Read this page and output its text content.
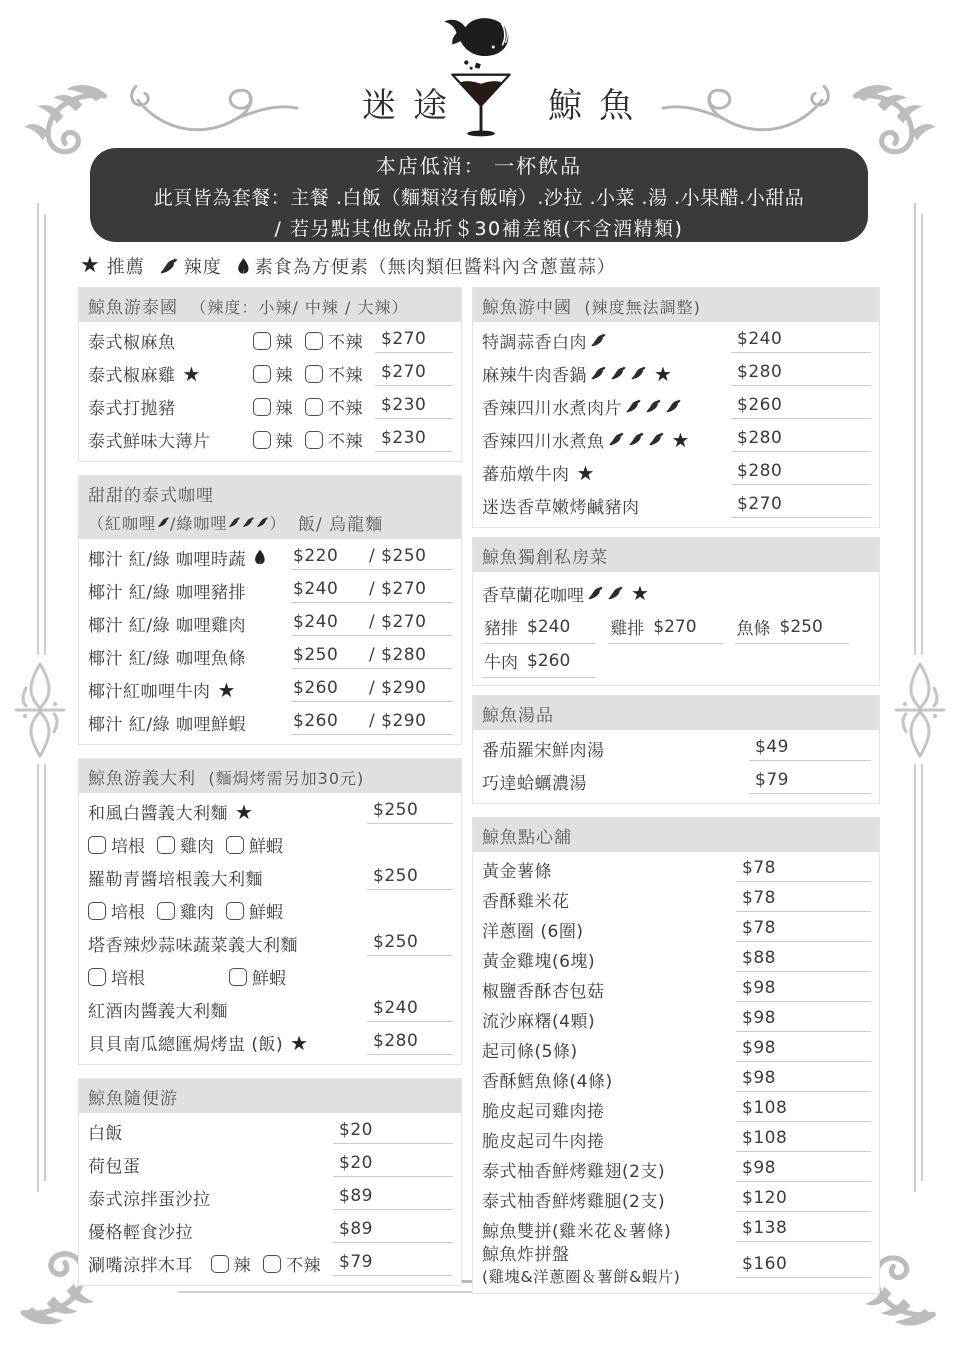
迷途 鯨魚
本店低消： 一杯飲品
此頁皆為套餐：主餐 .白飯（麵類沒有飯唷）.沙拉 .小菜 .湯 .小果醋.小甜品
/ 若另點其他飲品折＄30補差額(不含酒精類)
★ 推薦 辣度 素食為方便素（無肉類但醬料內含蔥薑蒜）
鯨魚游泰國 （辣度：小辣/ 中辣 / 大辣）
泰式椒麻魚	辣 不辣	$270
泰式椒麻雞 ★	辣 不辣	$270
泰式打拋豬	辣 不辣	$230
泰式鮮味大薄片	辣 不辣	$230
甜甜的泰式咖哩
（紅咖哩 /綠咖哩	） 飯/ 烏龍麵
椰汁 紅/綠 咖哩時蔬	$220	/ $250
椰汁 紅/綠 咖哩豬排	$240	/ $270
椰汁 紅/綠 咖哩雞肉	$240	/ $270
椰汁 紅/綠 咖哩魚條	$250	/ $280
椰汁紅咖哩牛肉 ★	$260	/ $290
椰汁 紅/綠 咖哩鮮蝦	$260	/ $290
鯨魚游義大利 (麵焗烤需另加30元)
和風白醬義大利麵 ★	$250
培根 雞肉 鮮蝦
羅勒青醬培根義大利麵	$250
培根 雞肉 鮮蝦
塔香辣炒蒜味蔬菜義大利麵	$250
培根	鮮蝦
紅酒肉醬義大利麵	$240
貝貝南瓜總匯焗烤盅 (飯) ★	$280
鯨魚隨便游
白飯	$20
荷包蛋	$20
泰式涼拌蛋沙拉	$89
優格輕食沙拉	$89
涮嘴涼拌木耳 辣 不辣	$79
鯨魚游中國 (辣度無法調整)
特調蒜香白肉	$240
麻辣牛肉香鍋	★	$280
香辣四川水煮肉片	$260
香辣四川水煮魚	★	$280
蕃茄燉牛肉 ★	$280
迷迭香草嫩烤鹹豬肉	$270
鯨魚獨創私房菜
香草蘭花咖哩 ★
豬排 $240 雞排 $270 魚條 $250
牛肉 $260
鯨魚湯品
番茄羅宋鮮肉湯	$49
巧達蛤蠣濃湯	$79
鯨魚點心舖
黃金薯條	$78
香酥雞米花	$78
洋蔥圈 (6圈)	$78
黃金雞塊(6塊)	$88
椒鹽香酥杏包菇	$98
流沙麻糬(4顆)	$98
起司條(5條)	$98
香酥鱈魚條(4條)	$98
脆皮起司雞肉捲	$108
脆皮起司牛肉捲	$108
泰式柚香鮮烤雞翅(2支)	$98
泰式柚香鮮烤雞腿(2支)	$120
鯨魚雙拼(雞米花＆薯條)	$138
鯨魚炸拼盤
(雞塊&洋蔥圈＆薯餅&蝦片)
$160
